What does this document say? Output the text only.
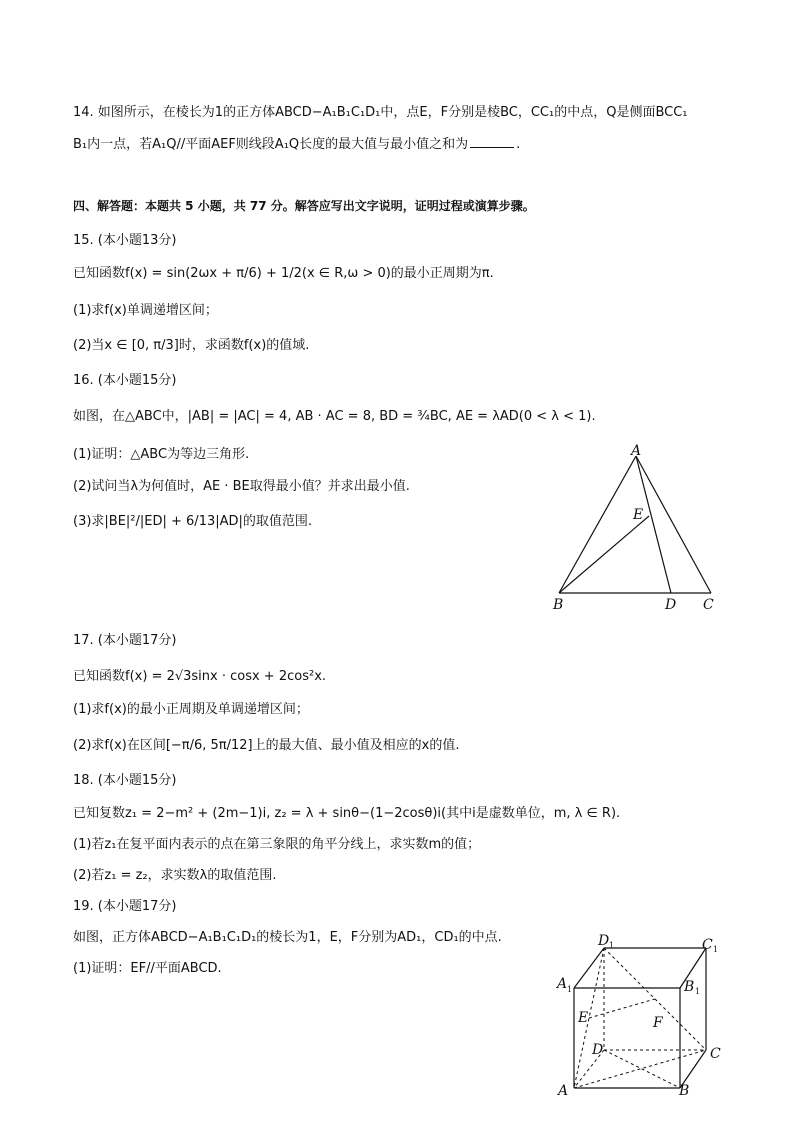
14. 如图所示，在棱长为1的正方体ABCD−A₁B₁C₁D₁中，点E，F分别是棱BC，CC₁的中点，Q是侧面BCC₁
B₁内一点，若A₁Q//平面AEF则线段A₁Q长度的最大值与最小值之和为	.
四、解答题：本题共 5 小题，共 77 分。解答应写出文字说明，证明过程或演算步骤。
15. (本小题13分)
已知函数f(x) = sin(2ωx + π/6) + 1/2(x ∈ R,ω > 0)的最小正周期为π.
(1)求f(x)单调递增区间；
(2)当x ∈ [0, π/3]时，求函数f(x)的值域.
16. (本小题15分)
如图，在△ABC中，|AB| = |AC| = 4, AB · AC = 8, BD = ¾BC, AE = λAD(0 < λ < 1).
(1)证明：△ABC为等边三角形.
(2)试问当λ为何值时，AE · BE取得最小值？并求出最小值.
(3)求|BE|²/|ED| + 6/13|AD|的取值范围.
A
B	D C
E
17. (本小题17分)
已知函数f(x) = 2√3sinx · cosx + 2cos²x.
(1)求f(x)的最小正周期及单调递增区间；
(2)求f(x)在区间[−π/6, 5π/12]上的最大值、最小值及相应的x的值.
18. (本小题15分)
已知复数z₁ = 2−m² + (2m−1)i, z₂ = λ + sinθ−(1−2cosθ)i(其中i是虚数单位，m, λ ∈ R).
(1)若z₁在复平面内表示的点在第三象限的角平分线上，求实数m的值；
(2)若z₁ = z₂，求实数λ的取值范围.
19. (本小题17分)
如图，正方体ABCD−A₁B₁C₁D₁的棱长为1，E，F分别为AD₁，CD₁的中点.
(1)证明：EF//平面ABCD.
D 1	C 1
A 1	B 1
E	F
D	C
A	B
